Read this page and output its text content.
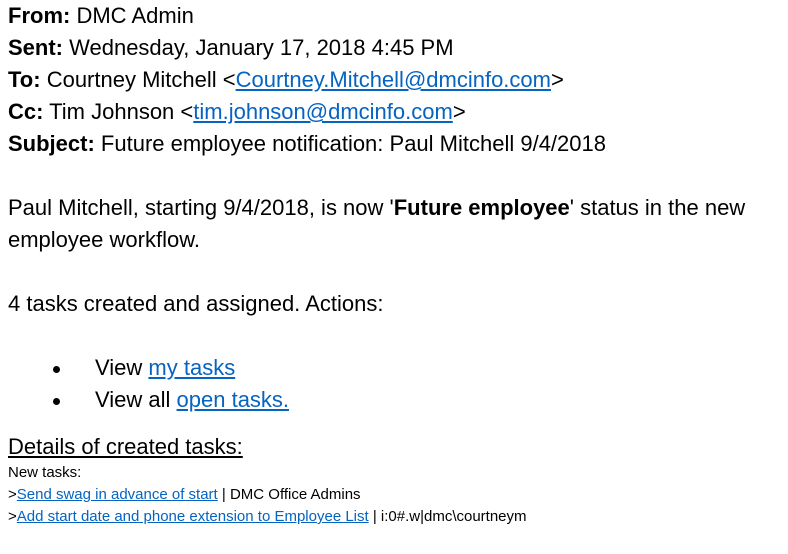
From: DMC Admin
Sent: Wednesday, January 17, 2018 4:45 PM
To: Courtney Mitchell <Courtney.Mitchell@dmcinfo.com>
Cc: Tim Johnson <tim.johnson@dmcinfo.com>
Subject: Future employee notification: Paul Mitchell 9/4/2018

Paul Mitchell, starting 9/4/2018, is now 'Future employee' status in the new employee workflow.

4 tasks created and assigned. Actions:

View my tasks
View all open tasks.
Details of created tasks:
New tasks:
>Send swag in advance of start | DMC Office Admins
>Add start date and phone extension to Employee List | i:0#.w|dmc\courtneym
